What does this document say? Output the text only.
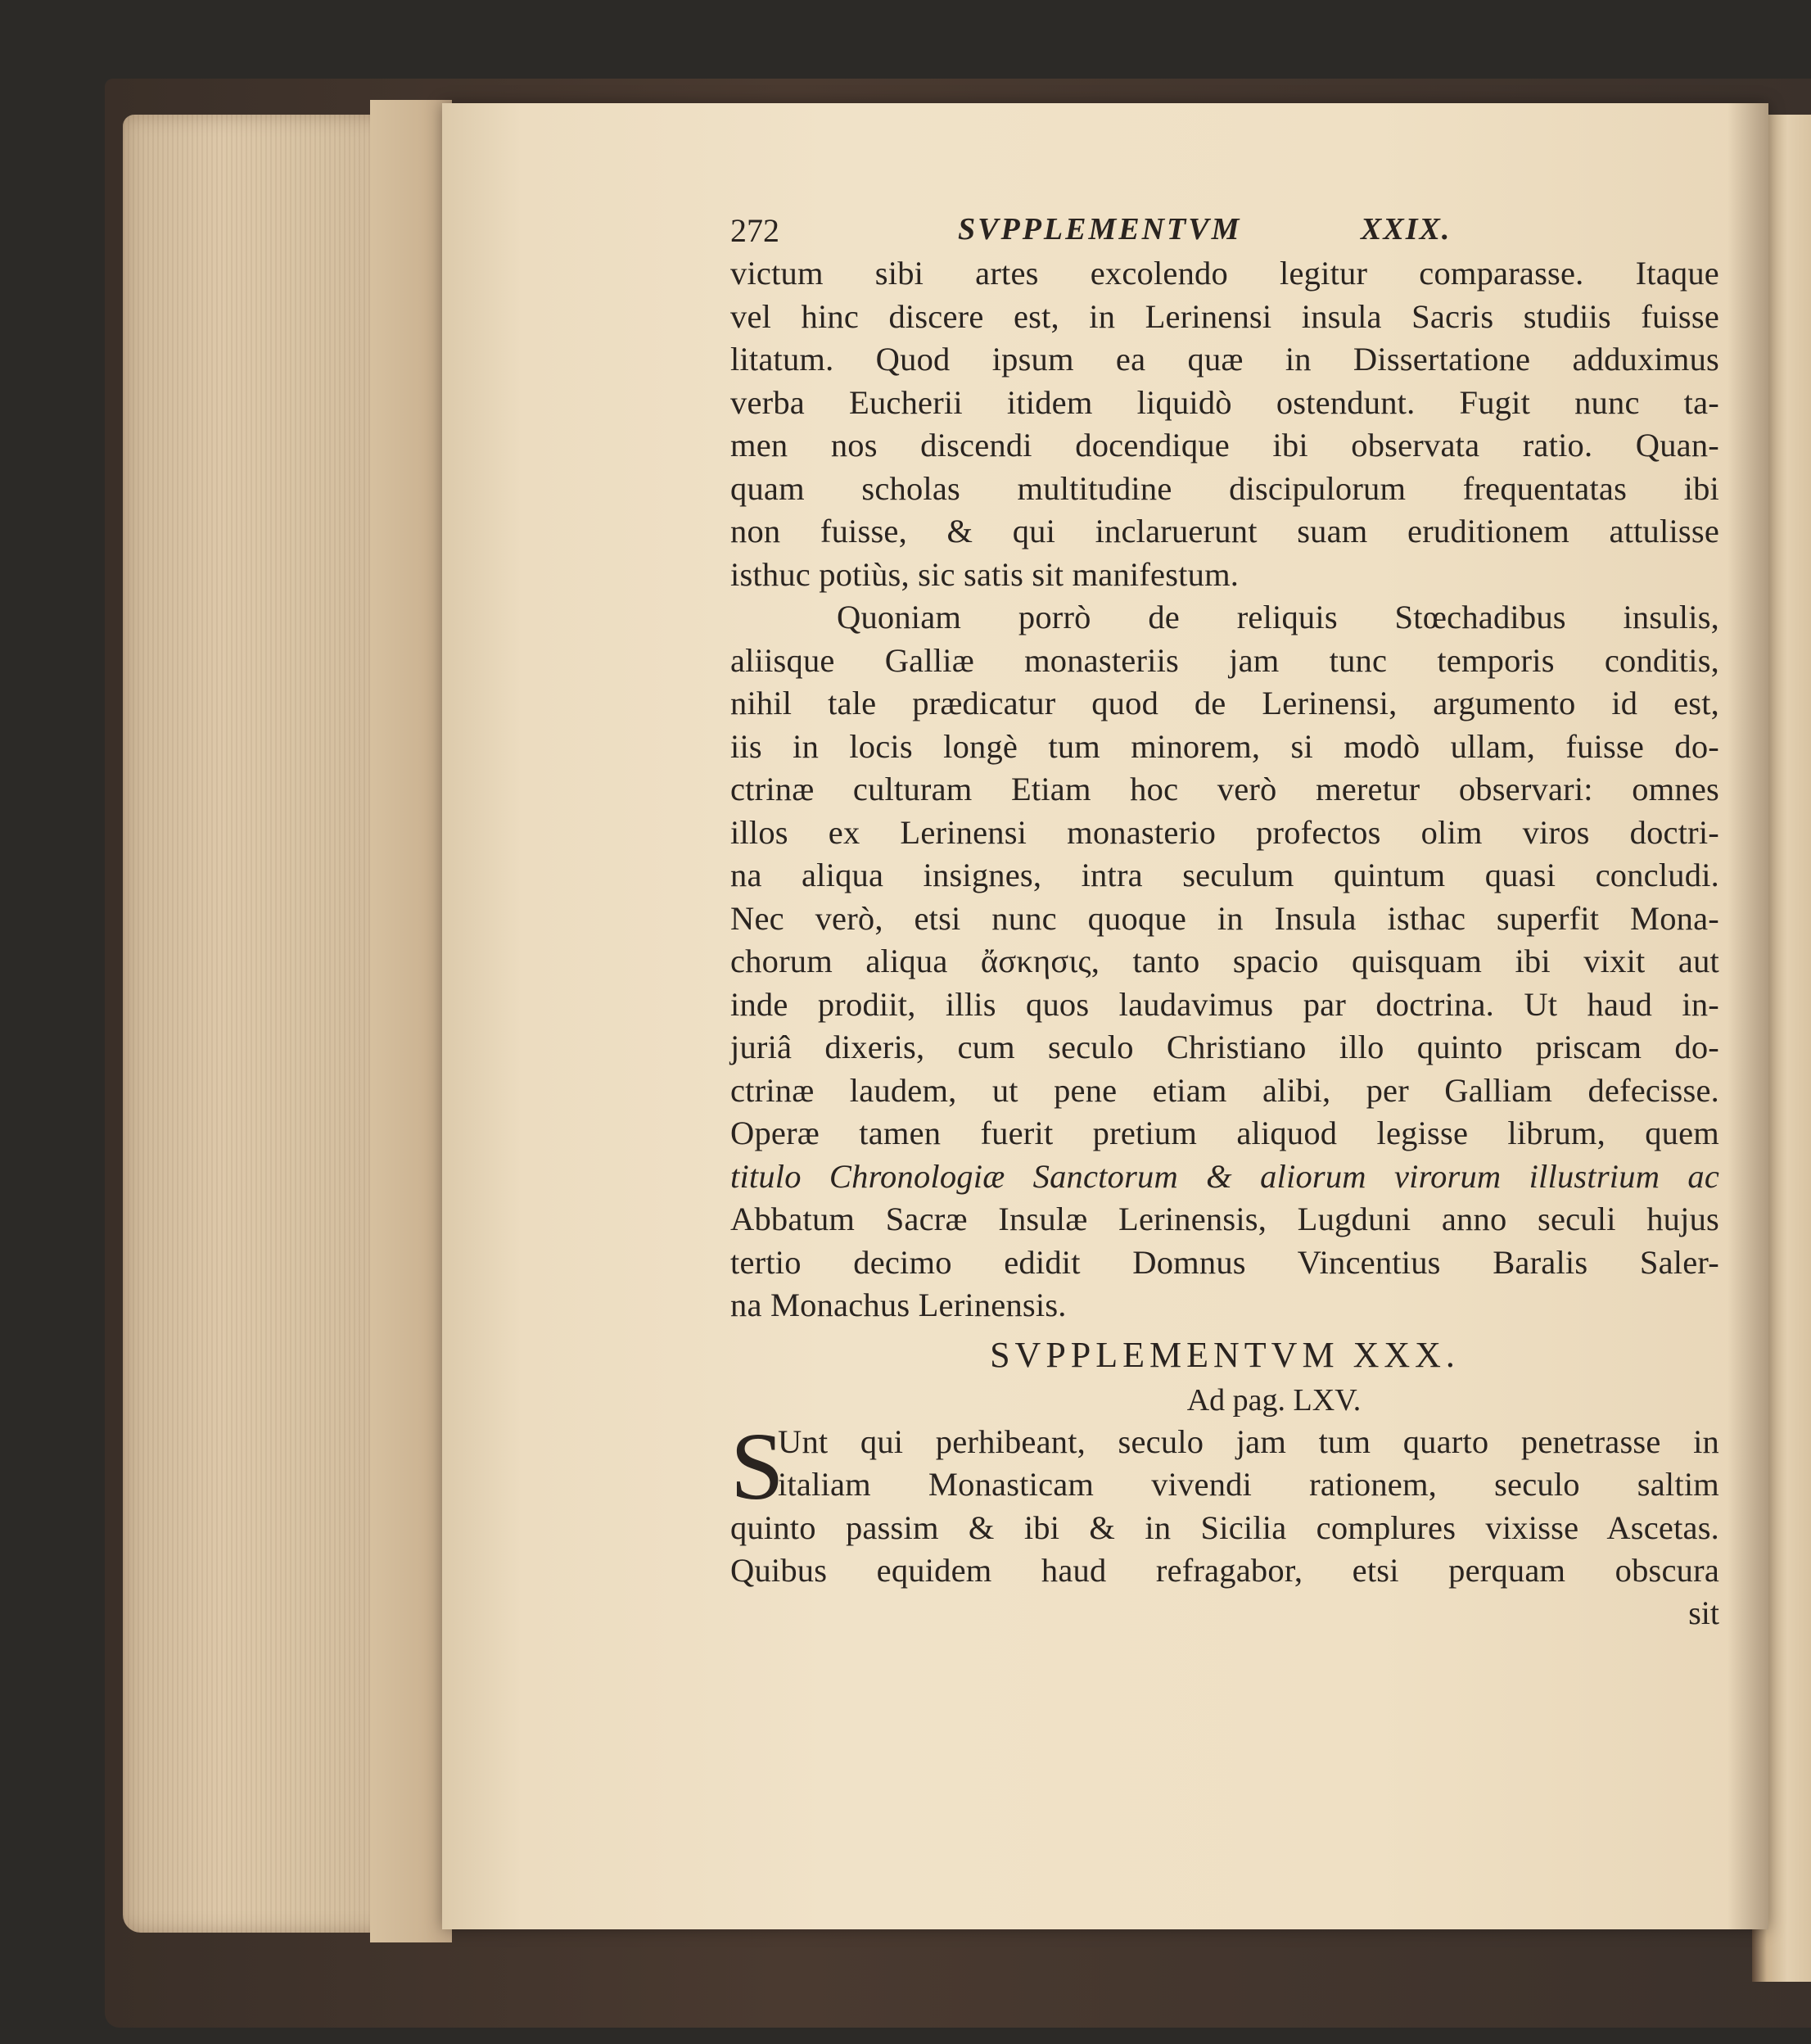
272	SVPPLEMENTVM	XXIX.
victum sibi artes excolendo legitur comparasse. Itaque
vel hinc discere est, in Lerinensi insula Sacris studiis fuisse
litatum. Quod ipsum ea quæ in Dissertatione adduximus
verba Eucherii itidem liquidò ostendunt. Fugit nunc ta-
men nos discendi docendique ibi observata ratio. Quan-
quam scholas multitudine discipulorum frequentatas ibi
non fuisse, & qui inclaruerunt suam eruditionem attulisse
isthuc potiùs, sic satis sit manifestum.
Quoniam porrò de reliquis Stœchadibus insulis,
aliisque Galliæ monasteriis jam tunc temporis conditis,
nihil tale prædicatur quod de Lerinensi, argumento id est,
iis in locis longè tum minorem, si modò ullam, fuisse do-
ctrinæ culturam Etiam hoc verò meretur observari: omnes
illos ex Lerinensi monasterio profectos olim viros doctri-
na aliqua insignes, intra seculum quintum quasi concludi.
Nec verò, etsi nunc quoque in Insula isthac superfit Mona-
chorum aliqua ἄσκησις, tanto spacio quisquam ibi vixit aut
inde prodiit, illis quos laudavimus par doctrina. Ut haud in-
juriâ dixeris, cum seculo Christiano illo quinto priscam do-
ctrinæ laudem, ut pene etiam alibi, per Galliam defecisse.
Operæ tamen fuerit pretium aliquod legisse librum, quem
titulo Chronologiæ Sanctorum & aliorum virorum illustrium ac
Abbatum Sacræ Insulæ Lerinensis, Lugduni anno seculi hujus
tertio decimo edidit Domnus Vincentius Baralis Saler-
na Monachus Lerinensis.
SVPPLEMENTVM XXX.
Ad pag. LXV.
S
Unt qui perhibeant, seculo jam tum quarto penetrasse in
italiam Monasticam vivendi rationem, seculo saltim
quinto passim & ibi & in Sicilia complures vixisse Ascetas.
Quibus equidem haud refragabor, etsi perquam obscura
sit
